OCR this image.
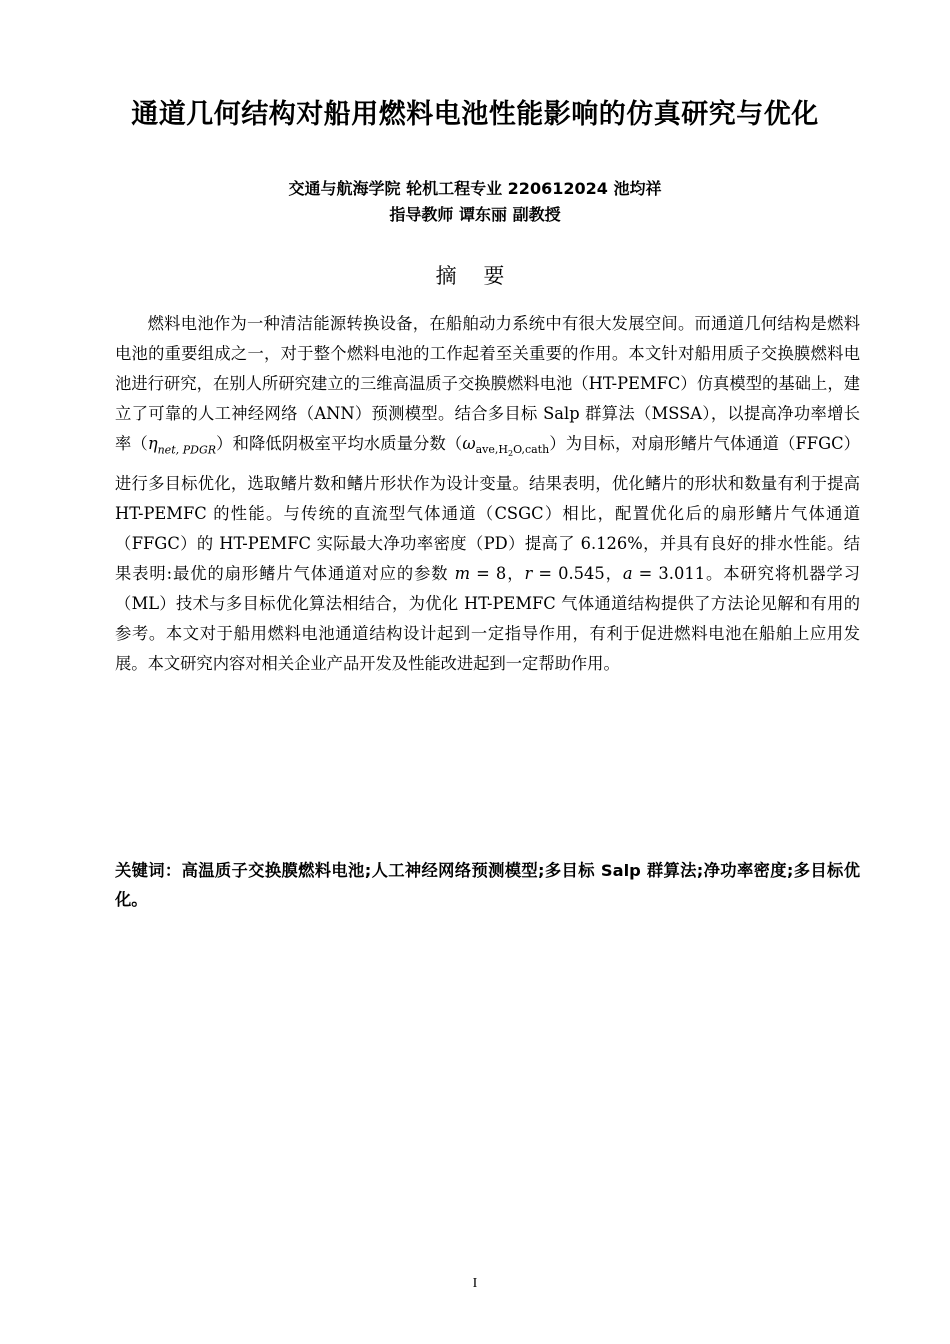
通道几何结构对船用燃料电池性能影响的仿真研究与优化
交通与航海学院 轮机工程专业 220612024 池均祥
指导教师 谭东丽 副教授
摘 要

燃料电池作为一种清洁能源转换设备，在船舶动力系统中有很大发展空间。而通道几何结构是燃料电池的重要组成之一，对于整个燃料电池的工作起着至关重要的作用。本文针对船用质子交换膜燃料电池进行研究，在别人所研究建立的三维高温质子交换膜燃料电池（HT-PEMFC）仿真模型的基础上，建立了可靠的人工神经网络（ANN）预测模型。结合多目标 Salp 群算法（MSSA），以提高净功率增长率$(\eta_{net, PDGR})$和降低阴极室平均水质量分数$(\omega_{ave,H_2O,cath})$为目标，对扇形鳍片气体通道（FFGC）进行多目标优化，选取鳍片数和鳍片形状作为设计变量。结果表明，优化鳍片的形状和数量有利于提高 HT-PEMFC 的性能。与传统的直流型气体通道（CSGC）相比，配置优化后的扇形鳍片气体通道（FFGC）的 HT-PEMFC 实际最大净功率密度（PD）提高了 6.126%，并具有良好的排水性能。结果表明:最优的扇形鳍片气体通道对应的参数 m = 8，r = 0.545，a = 3.011。本研究将机器学习（ML）技术与多目标优化算法相结合，为优化 HT-PEMFC 气体通道结构提供了方法论见解和有用的参考。本文对于船用燃料电池通道结构设计起到一定指导作用，有利于促进燃料电池在船舶上应用发展。本文研究内容对相关企业产品开发及性能改进起到一定帮助作用。

关键词：高温质子交换膜燃料电池;人工神经网络预测模型;多目标 Salp 群算法;净功率密度;多目标优化。

I
